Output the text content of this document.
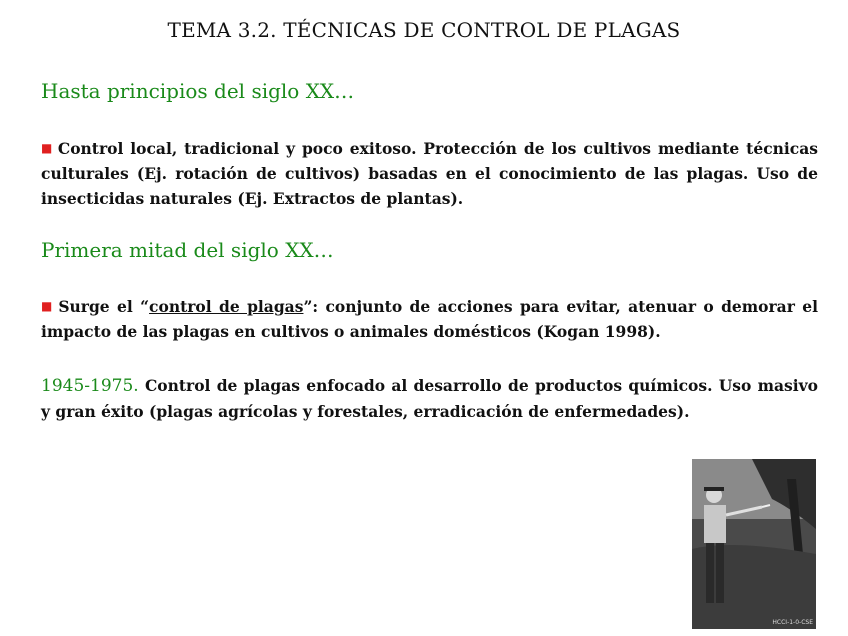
TEMA 3.2. TÉCNICAS DE CONTROL DE PLAGAS
Hasta principios del siglo XX…
■ Control local, tradicional y poco exitoso. Protección de los cultivos mediante técnicas culturales (Ej. rotación de cultivos) basadas en el conocimiento de las plagas. Uso de insecticidas naturales (Ej. Extractos de plantas).
Primera mitad del siglo XX…
■ Surge el “control de plagas”: conjunto de acciones para evitar, atenuar o demorar el impacto de las plagas en cultivos o animales domésticos (Kogan 1998).
1945-1975. Control de plagas enfocado al desarrollo de productos químicos. Uso masivo y gran éxito (plagas agrícolas y forestales, erradicación de enfermedades).
HCCI-1-0-CSE
